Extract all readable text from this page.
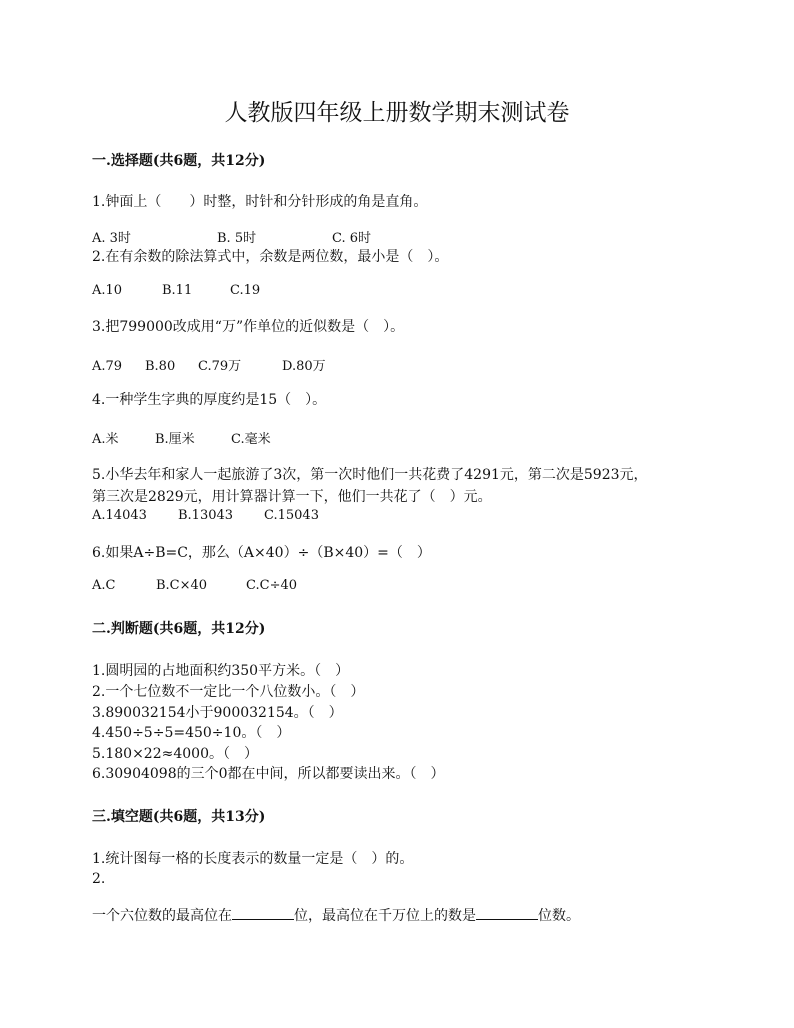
人教版四年级上册数学期末测试卷
一.选择题(共6题，共12分)
1.钟面上（　　）时整，时针和分针形成的角是直角。
A. 3时	B. 5时	C. 6时
2.在有余数的除法算式中，余数是两位数，最小是（　）。
A.10	B.11	C.19
3.把799000改成用“万”作单位的近似数是（　）。
A.79 B.80 C.79万	D.80万
4.一种学生字典的厚度约是15（　）。
A.米	B.厘米	C.毫米
5.小华去年和家人一起旅游了3次，第一次时他们一共花费了4291元，第二次是5923元，
第三次是2829元，用计算器计算一下，他们一共花了（　）元。
A.14043 B.13043 C.15043
6.如果A÷B=C，那么（A×40）÷（B×40）=（　）
A.C	B.C×40	C.C÷40
二.判断题(共6题，共12分)
1.圆明园的占地面积约350平方米。（　）
2.一个七位数不一定比一个八位数小。（　）
3.890032154小于900032154。（　）
4.450÷5÷5=450÷10。（　）
5.180×22≈4000。（　）
6.30904098的三个0都在中间，所以都要读出来。（　）
三.填空题(共6题，共13分)
1.统计图每一格的长度表示的数量一定是（　）的。
2.
一个六位数的最高位在	位，最高位在千万位上的数是	位数。
